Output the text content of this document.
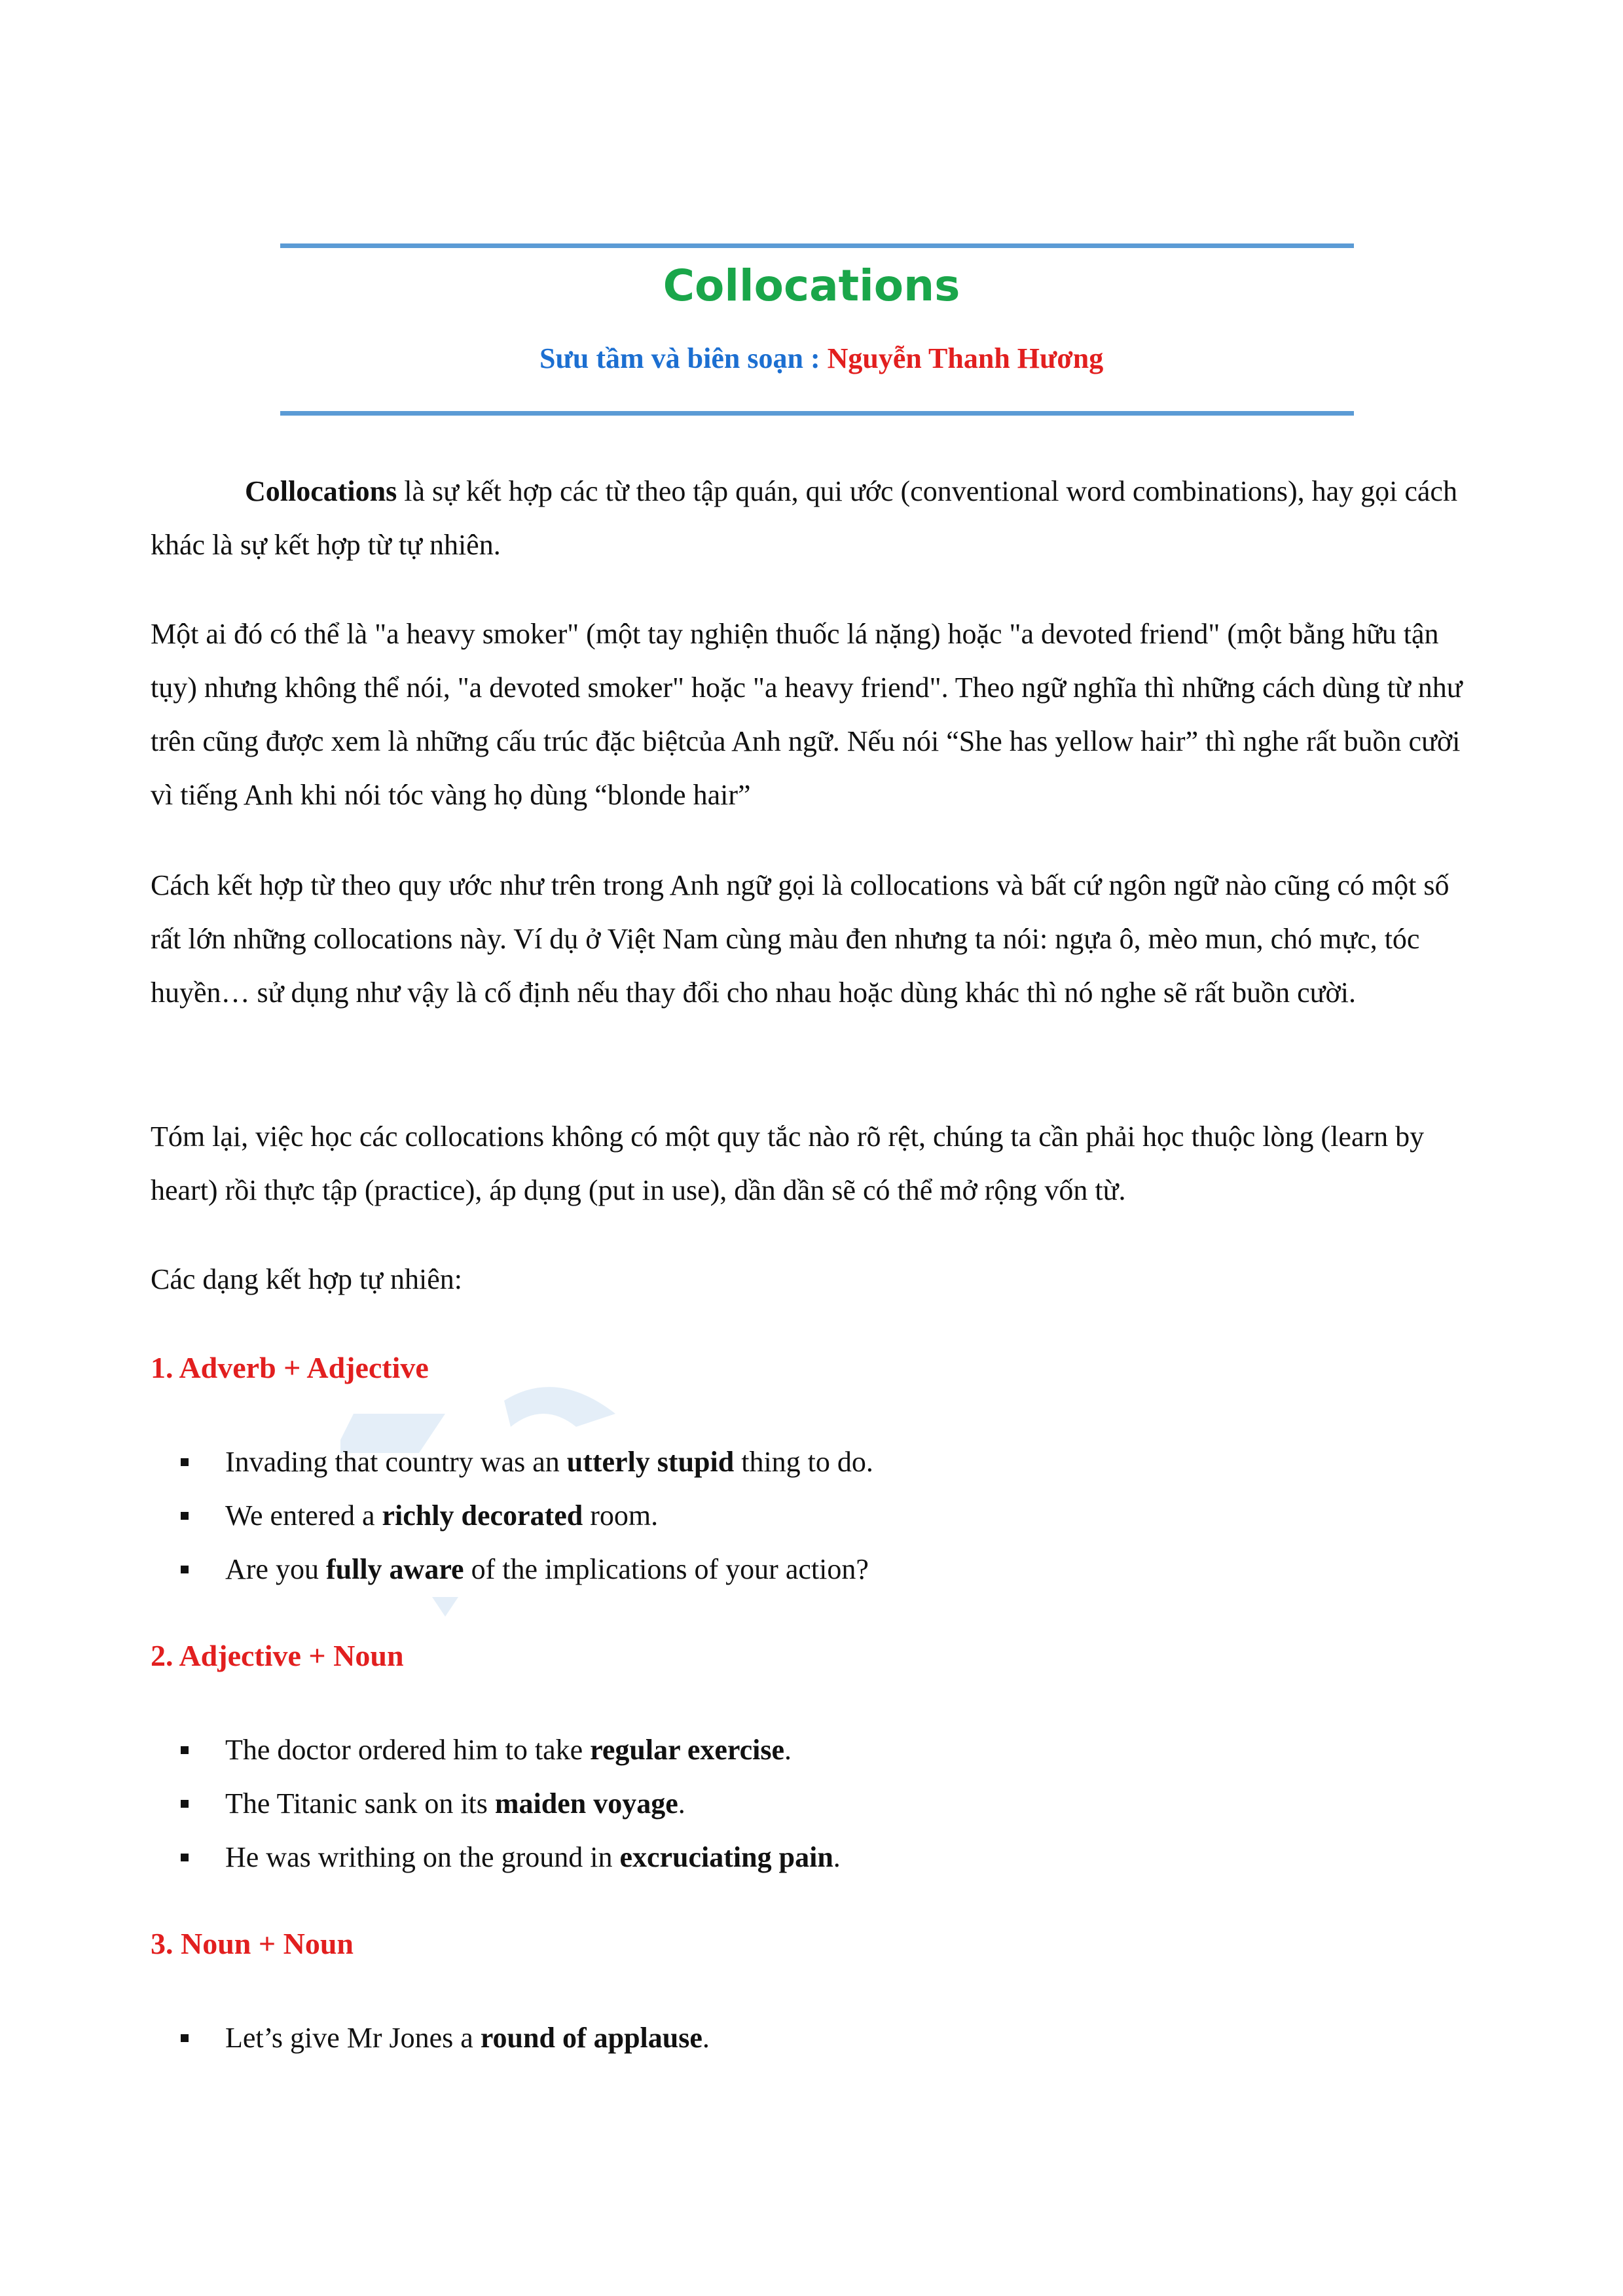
Collocations
Sưu tầm và biên soạn : Nguyễn Thanh Hương

Collocations là sự kết hợp các từ theo tập quán, qui ước (conventional word combinations), hay gọi cách khác là sự kết hợp từ tự nhiên.

Một ai đó có thể là "a heavy smoker" (một tay nghiện thuốc lá nặng) hoặc "a devoted friend" (một bằng hữu tận tụy) nhưng không thể nói, "a devoted smoker" hoặc "a heavy friend". Theo ngữ nghĩa thì những cách dùng từ như trên cũng được xem là những cấu trúc đặc biệtcủa Anh ngữ. Nếu nói “She has yellow hair” thì nghe rất buồn cười vì tiếng Anh khi nói tóc vàng họ dùng “blonde hair”

Cách kết hợp từ theo quy ước như trên trong Anh ngữ gọi là collocations và bất cứ ngôn ngữ nào cũng có một số rất lớn những collocations này. Ví dụ ở Việt Nam cùng màu đen nhưng ta nói: ngựa ô, mèo mun, chó mực, tóc huyền… sử dụng như vậy là cố định nếu thay đổi cho nhau hoặc dùng khác thì nó nghe sẽ rất buồn cười.

Tóm lại, việc học các collocations không có một quy tắc nào rõ rệt, chúng ta cần phải học thuộc lòng (learn by heart) rồi thực tập (practice), áp dụng (put in use), dần dần sẽ có thể mở rộng vốn từ.

Các dạng kết hợp tự nhiên:

1. Adverb + Adjective
Invading that country was an utterly stupid thing to do.
We entered a richly decorated room.
Are you fully aware of the implications of your action?
2. Adjective + Noun
The doctor ordered him to take regular exercise.
The Titanic sank on its maiden voyage.
He was writhing on the ground in excruciating pain.
3. Noun + Noun
Let’s give Mr Jones a round of applause.
